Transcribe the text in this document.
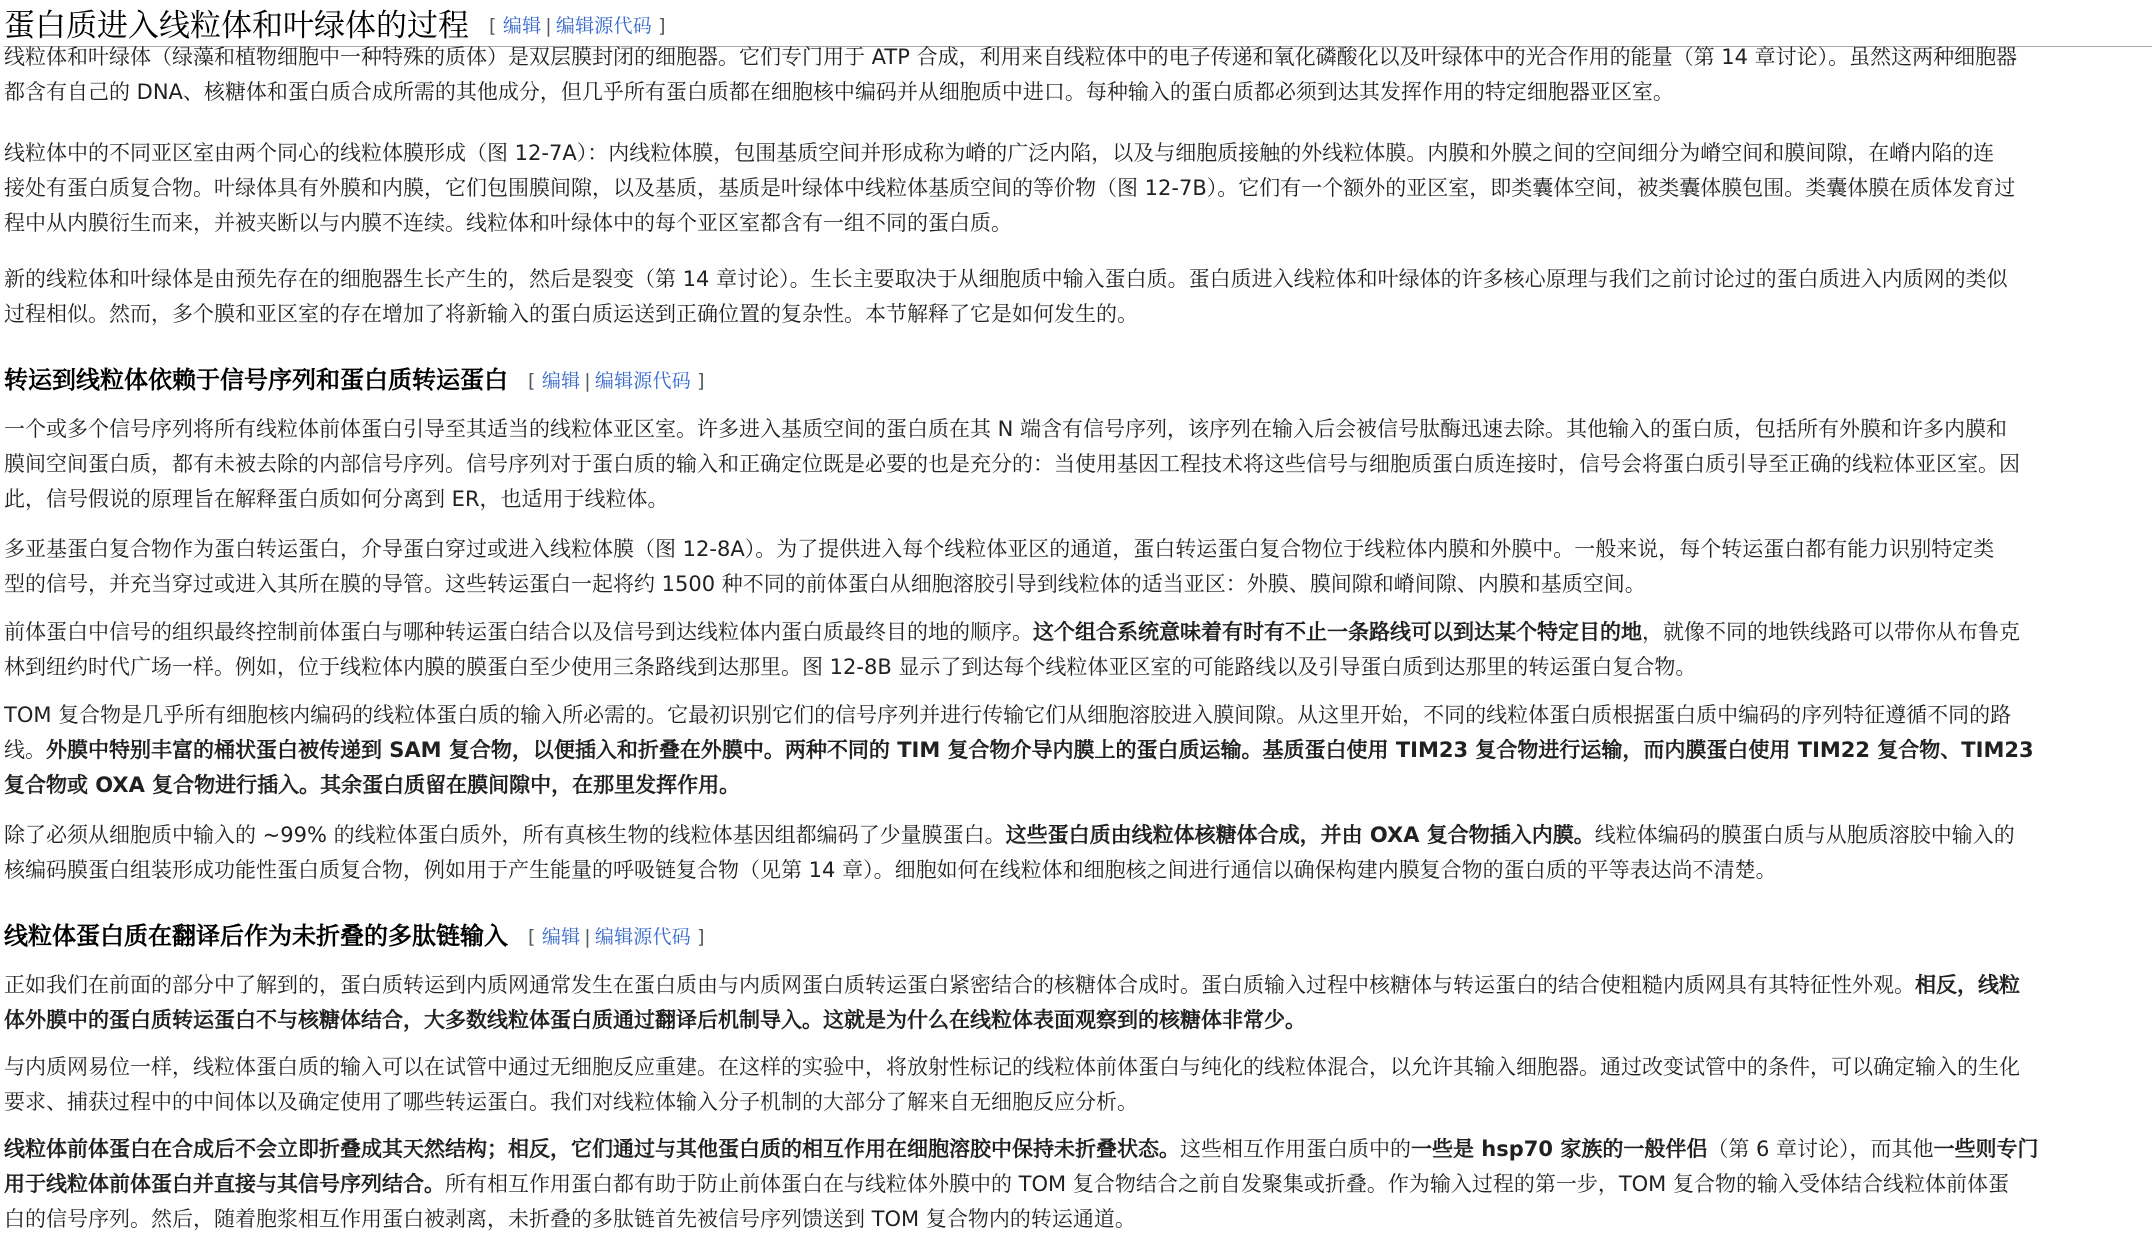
蛋白质进入线粒体和叶绿体的过程 [ 编辑 | 编辑源代码 ]
线粒体和叶绿体（绿藻和植物细胞中一种特殊的质体）是双层膜封闭的细胞器。它们专门用于 ATP 合成，利用来自线粒体中的电子传递和氧化磷酸化以及叶绿体中的光合作用的能量（第 14 章讨论）。虽然这两种细胞器
都含有自己的 DNA、核糖体和蛋白质合成所需的其他成分，但几乎所有蛋白质都在细胞核中编码并从细胞质中进口。每种输入的蛋白质都必须到达其发挥作用的特定细胞器亚区室。
线粒体中的不同亚区室由两个同心的线粒体膜形成（图 12-7A）：内线粒体膜，包围基质空间并形成称为嵴的广泛内陷，以及与细胞质接触的外线粒体膜。内膜和外膜之间的空间细分为嵴空间和膜间隙，在嵴内陷的连
接处有蛋白质复合物。叶绿体具有外膜和内膜，它们包围膜间隙，以及基质，基质是叶绿体中线粒体基质空间的等价物（图 12-7B）。它们有一个额外的亚区室，即类囊体空间，被类囊体膜包围。类囊体膜在质体发育过
程中从内膜衍生而来，并被夹断以与内膜不连续。线粒体和叶绿体中的每个亚区室都含有一组不同的蛋白质。
新的线粒体和叶绿体是由预先存在的细胞器生长产生的，然后是裂变（第 14 章讨论）。生长主要取决于从细胞质中输入蛋白质。蛋白质进入线粒体和叶绿体的许多核心原理与我们之前讨论过的蛋白质进入内质网的类似
过程相似。然而，多个膜和亚区室的存在增加了将新输入的蛋白质运送到正确位置的复杂性。本节解释了它是如何发生的。
转运到线粒体依赖于信号序列和蛋白质转运蛋白 [ 编辑 | 编辑源代码 ]
一个或多个信号序列将所有线粒体前体蛋白引导至其适当的线粒体亚区室。许多进入基质空间的蛋白质在其 N 端含有信号序列，该序列在输入后会被信号肽酶迅速去除。其他输入的蛋白质，包括所有外膜和许多内膜和
膜间空间蛋白质，都有未被去除的内部信号序列。信号序列对于蛋白质的输入和正确定位既是必要的也是充分的：当使用基因工程技术将这些信号与细胞质蛋白质连接时，信号会将蛋白质引导至正确的线粒体亚区室。因
此，信号假说的原理旨在解释蛋白质如何分离到 ER，也适用于线粒体。
多亚基蛋白复合物作为蛋白转运蛋白，介导蛋白穿过或进入线粒体膜（图 12-8A）。为了提供进入每个线粒体亚区的通道，蛋白转运蛋白复合物位于线粒体内膜和外膜中。一般来说，每个转运蛋白都有能力识别特定类
型的信号，并充当穿过或进入其所在膜的导管。这些转运蛋白一起将约 1500 种不同的前体蛋白从细胞溶胶引导到线粒体的适当亚区：外膜、膜间隙和嵴间隙、内膜和基质空间。
前体蛋白中信号的组织最终控制前体蛋白与哪种转运蛋白结合以及信号到达线粒体内蛋白质最终目的地的顺序。这个组合系统意味着有时有不止一条路线可以到达某个特定目的地，就像不同的地铁线路可以带你从布鲁克
林到纽约时代广场一样。例如，位于线粒体内膜的膜蛋白至少使用三条路线到达那里。图 12-8B 显示了到达每个线粒体亚区室的可能路线以及引导蛋白质到达那里的转运蛋白复合物。
TOM 复合物是几乎所有细胞核内编码的线粒体蛋白质的输入所必需的。它最初识别它们的信号序列并进行传输它们从细胞溶胶进入膜间隙。从这里开始，不同的线粒体蛋白质根据蛋白质中编码的序列特征遵循不同的路
线。外膜中特别丰富的桶状蛋白被传递到 SAM 复合物，以便插入和折叠在外膜中。两种不同的 TIM 复合物介导内膜上的蛋白质运输。基质蛋白使用 TIM23 复合物进行运输，而内膜蛋白使用 TIM22 复合物、TIM23
复合物或 OXA 复合物进行插入。其余蛋白质留在膜间隙中，在那里发挥作用。
除了必须从细胞质中输入的 ~99% 的线粒体蛋白质外，所有真核生物的线粒体基因组都编码了少量膜蛋白。这些蛋白质由线粒体核糖体合成，并由 OXA 复合物插入内膜。线粒体编码的膜蛋白质与从胞质溶胶中输入的
核编码膜蛋白组装形成功能性蛋白质复合物，例如用于产生能量的呼吸链复合物（见第 14 章）。细胞如何在线粒体和细胞核之间进行通信以确保构建内膜复合物的蛋白质的平等表达尚不清楚。
线粒体蛋白质在翻译后作为未折叠的多肽链输入 [ 编辑 | 编辑源代码 ]
正如我们在前面的部分中了解到的，蛋白质转运到内质网通常发生在蛋白质由与内质网蛋白质转运蛋白紧密结合的核糖体合成时。蛋白质输入过程中核糖体与转运蛋白的结合使粗糙内质网具有其特征性外观。相反，线粒
体外膜中的蛋白质转运蛋白不与核糖体结合，大多数线粒体蛋白质通过翻译后机制导入。这就是为什么在线粒体表面观察到的核糖体非常少。
与内质网易位一样，线粒体蛋白质的输入可以在试管中通过无细胞反应重建。在这样的实验中，将放射性标记的线粒体前体蛋白与纯化的线粒体混合，以允许其输入细胞器。通过改变试管中的条件，可以确定输入的生化
要求、捕获过程中的中间体以及确定使用了哪些转运蛋白。我们对线粒体输入分子机制的大部分了解来自无细胞反应分析。
线粒体前体蛋白在合成后不会立即折叠成其天然结构；相反，它们通过与其他蛋白质的相互作用在细胞溶胶中保持未折叠状态。这些相互作用蛋白质中的一些是 hsp70 家族的一般伴侣（第 6 章讨论），而其他一些则专门
用于线粒体前体蛋白并直接与其信号序列结合。所有相互作用蛋白都有助于防止前体蛋白在与线粒体外膜中的 TOM 复合物结合之前自发聚集或折叠。作为输入过程的第一步，TOM 复合物的输入受体结合线粒体前体蛋
白的信号序列。然后，随着胞浆相互作用蛋白被剥离，未折叠的多肽链首先被信号序列馈送到 TOM 复合物内的转运通道。
